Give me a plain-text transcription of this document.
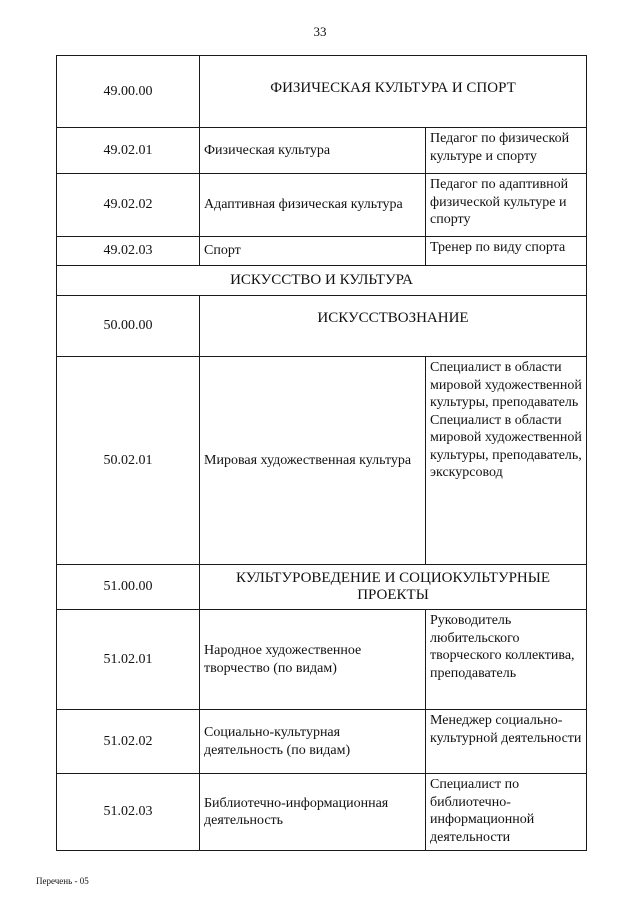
33
49.00.00	ФИЗИЧЕСКАЯ КУЛЬТУРА И СПОРТ	
49.02.01	Физическая культура	Педагог по физической культуре и спорту
49.02.02	Адаптивная физическая культура	Педагог по адаптивной физической культуре и спорту
49.02.03	Спорт	Тренер по виду спорта
ИСКУССТВО И КУЛЬТУРА		
50.00.00	ИСКУССТВОЗНАНИЕ	
50.02.01	Мировая художественная культура	Специалист в области мировой художественной культуры, преподаватель Специалист в области мировой художественной культуры, преподаватель, экскурсовод
51.00.00	КУЛЬТУРОВЕДЕНИЕ И СОЦИОКУЛЬТУРНЫЕ ПРОЕКТЫ	
51.02.01	Народное художественное творчество (по видам)	Руководитель любительского творческого коллектива, преподаватель
51.02.02	Социально-культурная деятельность (по видам)	Менеджер социально-культурной деятельности
51.02.03	Библиотечно-информационная деятельность	Специалист по библиотечно-информационной деятельности
Перечень - 05
